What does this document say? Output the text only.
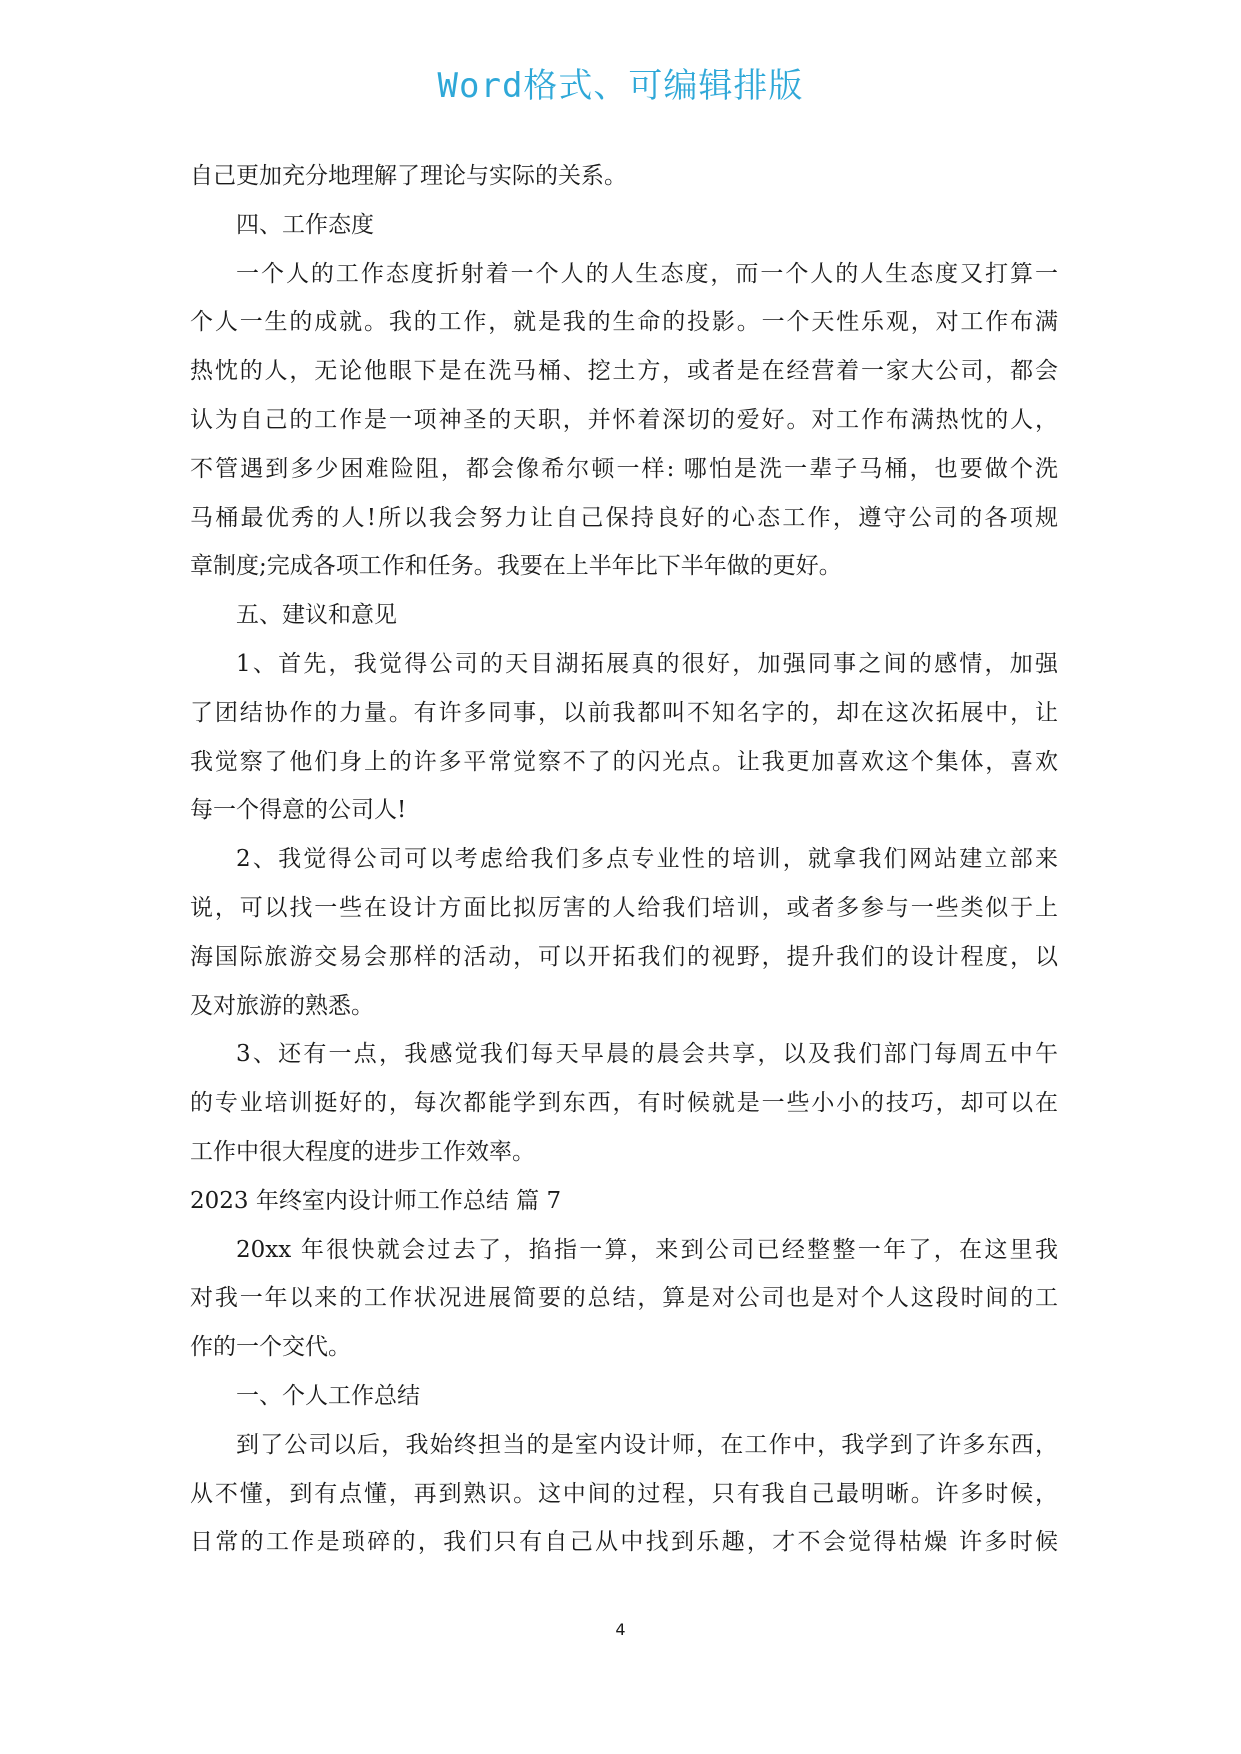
Word格式、可编辑排版
自己更加充分地理解了理论与实际的关系。
四、工作态度
一个人的工作态度折射着一个人的人生态度，而一个人的人生态度又打算一
个人一生的成就。我的工作，就是我的生命的投影。一个天性乐观，对工作布满
热忱的人，无论他眼下是在洗马桶、挖土方，或者是在经营着一家大公司，都会
认为自己的工作是一项神圣的天职，并怀着深切的爱好。对工作布满热忱的人，
不管遇到多少困难险阻，都会像希尔顿一样: 哪怕是洗一辈子马桶，也要做个洗
马桶最优秀的人!所以我会努力让自己保持良好的心态工作，遵守公司的各项规
章制度;完成各项工作和任务。我要在上半年比下半年做的更好。
五、建议和意见
1、首先，我觉得公司的天目湖拓展真的很好，加强同事之间的感情，加强
了团结协作的力量。有许多同事，以前我都叫不知名字的，却在这次拓展中，让
我觉察了他们身上的许多平常觉察不了的闪光点。让我更加喜欢这个集体，喜欢
每一个得意的公司人!
2、我觉得公司可以考虑给我们多点专业性的培训，就拿我们网站建立部来
说，可以找一些在设计方面比拟厉害的人给我们培训，或者多参与一些类似于上
海国际旅游交易会那样的活动，可以开拓我们的视野，提升我们的设计程度，以
及对旅游的熟悉。
3、还有一点，我感觉我们每天早晨的晨会共享，以及我们部门每周五中午
的专业培训挺好的，每次都能学到东西，有时候就是一些小小的技巧，却可以在
工作中很大程度的进步工作效率。
2023 年终室内设计师工作总结 篇 7
20xx 年很快就会过去了，掐指一算，来到公司已经整整一年了，在这里我
对我一年以来的工作状况进展简要的总结，算是对公司也是对个人这段时间的工
作的一个交代。
一、个人工作总结
到了公司以后，我始终担当的是室内设计师，在工作中，我学到了许多东西，
从不懂，到有点懂，再到熟识。这中间的过程，只有我自己最明晰。许多时候，
日常的工作是琐碎的，我们只有自己从中找到乐趣，才不会觉得枯燥 许多时候
4
